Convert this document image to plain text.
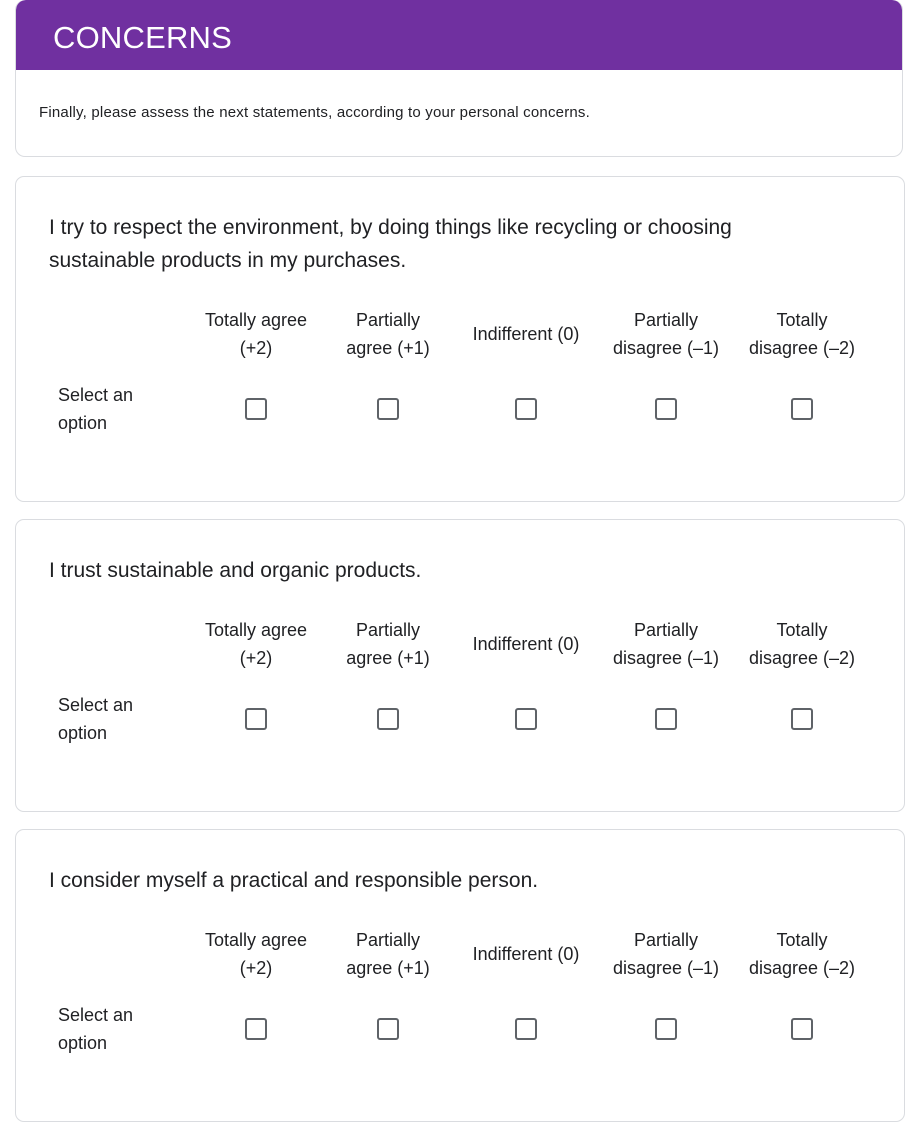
CONCERNS
Finally, please assess the next statements, according to your personal concerns.
I try to respect the environment, by doing things like recycling or choosing
sustainable products in my purchases.
Totally agree
(+2)
Partially
agree (+1)
Indifferent (0)
Partially
disagree (–1)
Totally
disagree (–2)
Select an
option
I trust sustainable and organic products.
Totally agree
(+2)
Partially
agree (+1)
Indifferent (0)
Partially
disagree (–1)
Totally
disagree (–2)
Select an
option
I consider myself a practical and responsible person.
Totally agree
(+2)
Partially
agree (+1)
Indifferent (0)
Partially
disagree (–1)
Totally
disagree (–2)
Select an
option
